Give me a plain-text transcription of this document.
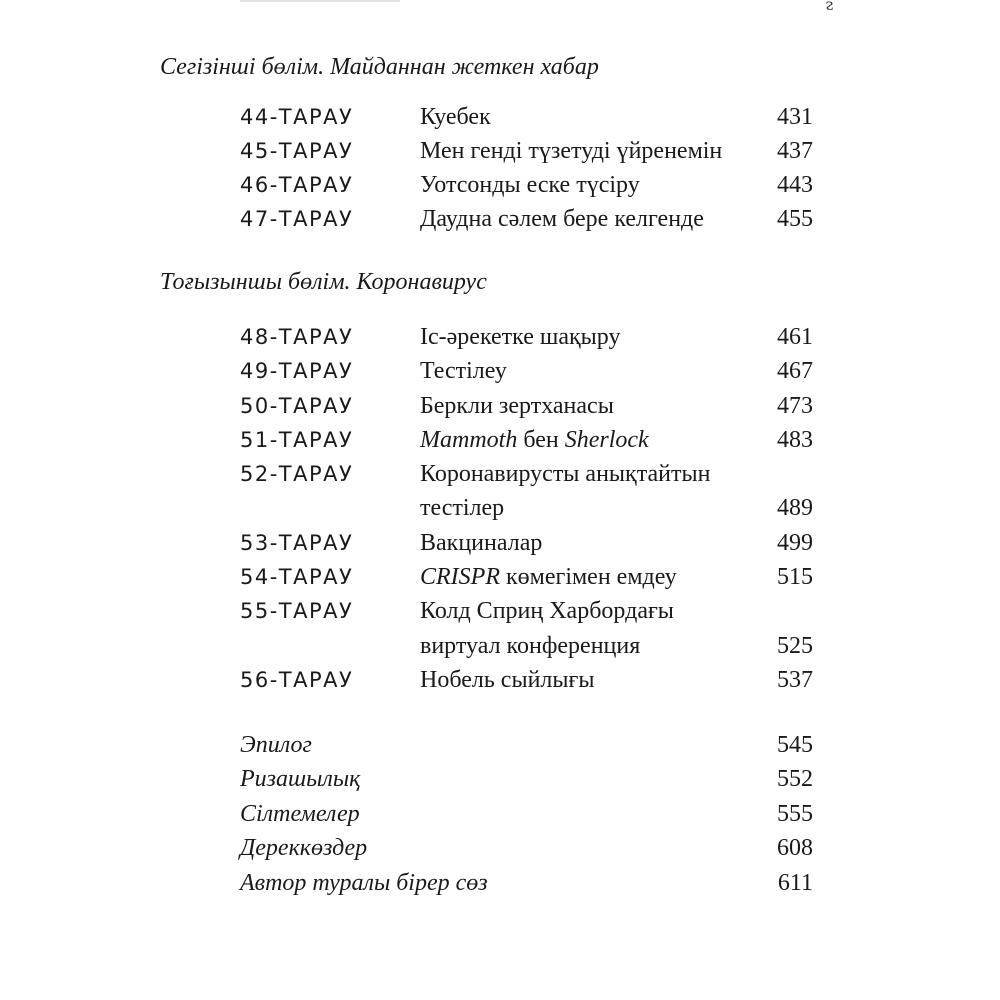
ᴤ
Сегізінші бөлім. Майданнан жеткен хабар
44-ТАРАУ	Куебек	431
45-ТАРАУ	Мен генді түзетуді үйренемін 437
46-ТАРАУ	Уотсонды еске түсіру	443
47-ТАРАУ	Даудна сәлем бере келгенде	455
Тоғызыншы бөлім. Коронавирус
48-ТАРАУ	Іс-әрекетке шақыру	461
49-ТАРАУ	Тестілеу	467
50-ТАРАУ	Беркли зертханасы	473
51-ТАРАУ	Mammoth бен Sherlock	483
52-ТАРАУ	Коронавирусты анықтайтын
тестілер	489
53-ТАРАУ	Вакциналар	499
54-ТАРАУ	CRISPR көмегімен емдеу	515
55-ТАРАУ	Колд Сприң Харбордағы
виртуал конференция	525
56-ТАРАУ	Нобель сыйлығы	537
Эпилог	545
Ризашылық	552
Сілтемелер	555
Дереккөздер	608
Автор туралы бірер сөз	611
